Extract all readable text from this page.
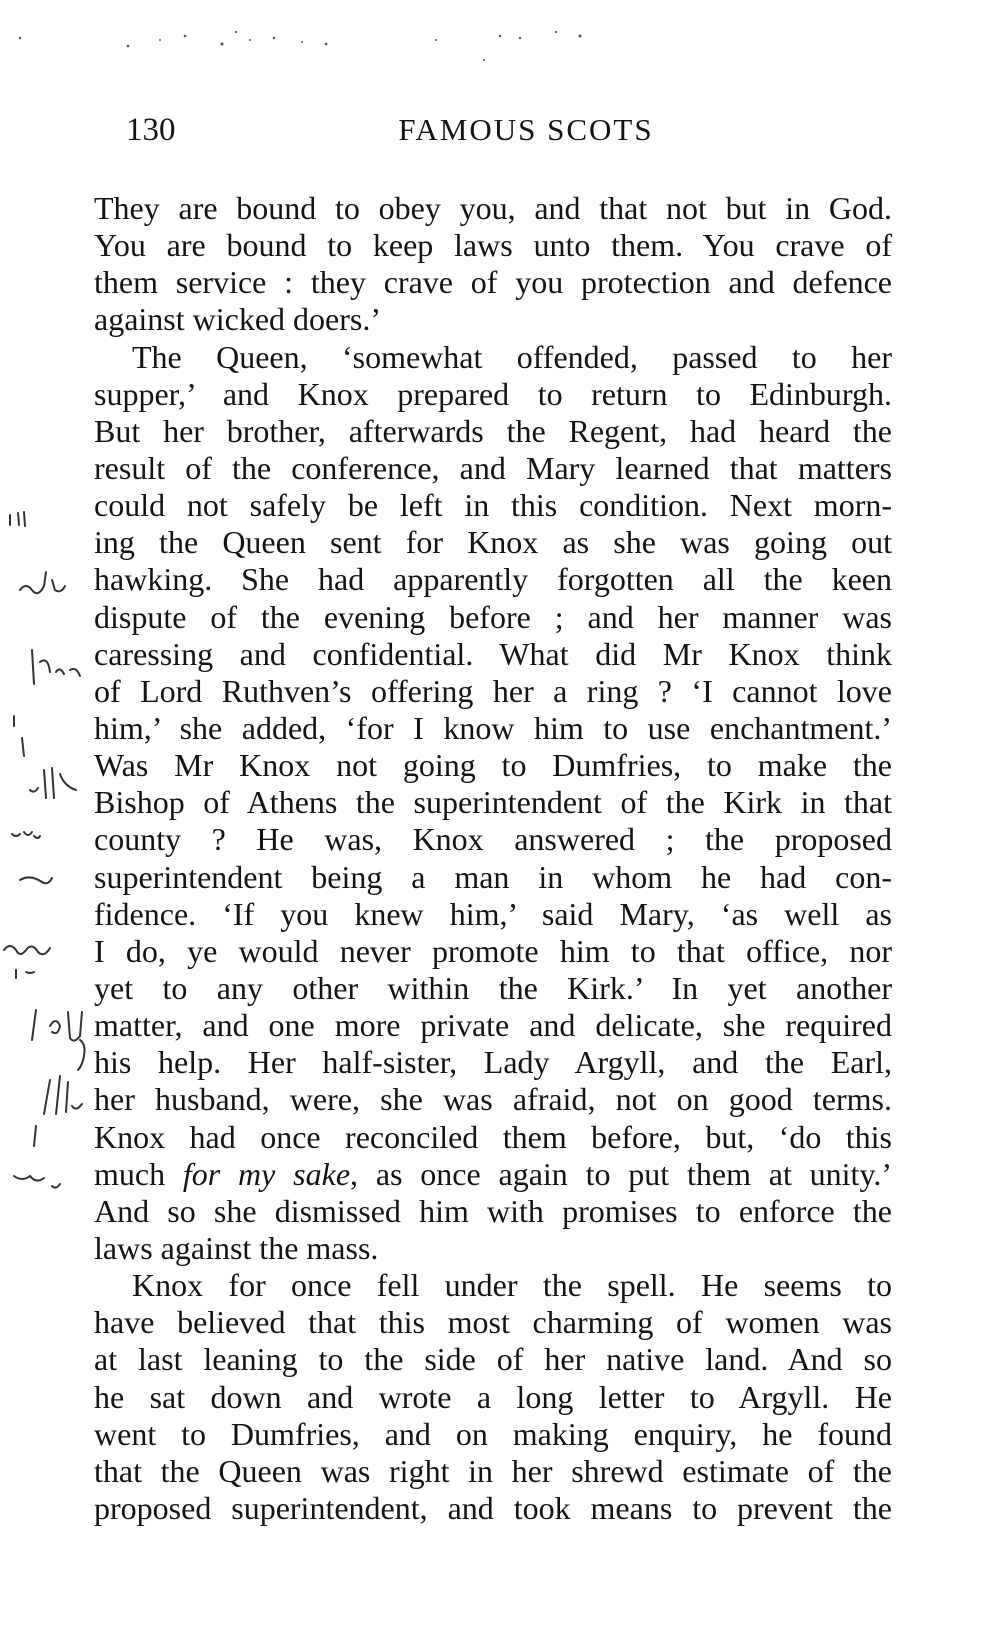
130	FAMOUS SCOTS
They are bound to obey you, and that not but in God.
You are bound to keep laws unto them. You crave of
them service : they crave of you protection and defence
against wicked doers.’
The Queen, ‘somewhat offended, passed to her
supper,’ and Knox prepared to return to Edinburgh.
But her brother, afterwards the Regent, had heard the
result of the conference, and Mary learned that matters
could not safely be left in this condition. Next morn-
ing the Queen sent for Knox as she was going out
hawking. She had apparently forgotten all the keen
dispute of the evening before ; and her manner was
caressing and confidential. What did Mr Knox think
of Lord Ruthven’s offering her a ring ? ‘I cannot love
him,’ she added, ‘for I know him to use enchantment.’
Was Mr Knox not going to Dumfries, to make the
Bishop of Athens the superintendent of the Kirk in that
county ? He was, Knox answered ; the proposed
superintendent being a man in whom he had con-
fidence. ‘If you knew him,’ said Mary, ‘as well as
I do, ye would never promote him to that office, nor
yet to any other within the Kirk.’ In yet another
matter, and one more private and delicate, she required
his help. Her half-sister, Lady Argyll, and the Earl,
her husband, were, she was afraid, not on good terms.
Knox had once reconciled them before, but, ‘do this
much for my sake, as once again to put them at unity.’
And so she dismissed him with promises to enforce the
laws against the mass.
Knox for once fell under the spell. He seems to
have believed that this most charming of women was
at last leaning to the side of her native land. And so
he sat down and wrote a long letter to Argyll. He
went to Dumfries, and on making enquiry, he found
that the Queen was right in her shrewd estimate of the
proposed superintendent, and took means to prevent the
